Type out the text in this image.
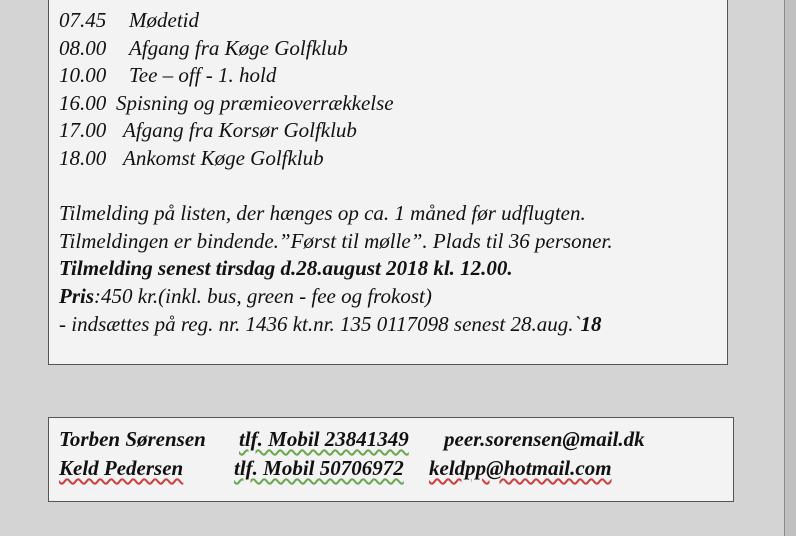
07.45 Mødetid
08.00 Afgang fra Køge Golfklub
10.00 Tee – off - 1. hold
16.00 Spisning og præmieoverrækkelse
17.00 Afgang fra Korsør Golfklub
18.00 Ankomst Køge Golfklub
Tilmelding på listen, der hænges op ca. 1 måned før udflugten.
Tilmeldingen er bindende.”Først til mølle”. Plads til 36 personer.
Tilmelding senest tirsdag d.28.august 2018 kl. 12.00.
Pris:450 kr.(inkl. bus, green - fee og frokost)
- indsættes på reg. nr. 1436 kt.nr. 135 0117098 senest 28.aug.`18
Torben Sørensen tlf. Mobil 23841349 peer.sorensen@mail.dk
Keld Pedersen tlf. Mobil 50706972 keldpp@hotmail.com
